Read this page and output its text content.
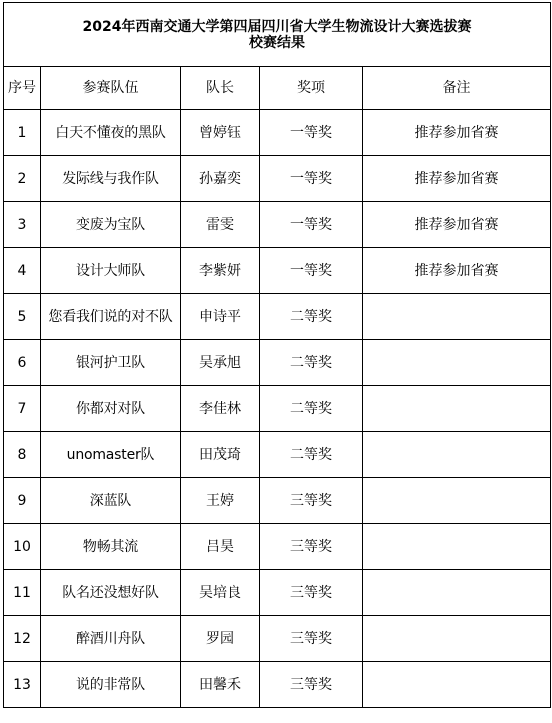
2024年西南交通大学第四届四川省大学生物流设计大赛选拔赛
校赛结果				

序号	参赛队伍	队长	奖项	备注
1	白天不懂夜的黑队	曾婷钰	一等奖	推荐参加省赛
2	发际线与我作队	孙嘉奕	一等奖	推荐参加省赛
3	变废为宝队	雷雯	一等奖	推荐参加省赛
4	设计大师队	李紫妍	一等奖	推荐参加省赛
5	您看我们说的对不队	申诗平	二等奖	
6	银河护卫队	吴承旭	二等奖	
7	你都对对队	李佳林	二等奖	
8	unomaster队	田茂琦	二等奖	
9	深蓝队	王婷	三等奖	
10	物畅其流	吕昊	三等奖	
11	队名还没想好队	吴培良	三等奖	
12	醉酒川舟队	罗园	三等奖	
13	说的非常队	田馨禾	三等奖	
